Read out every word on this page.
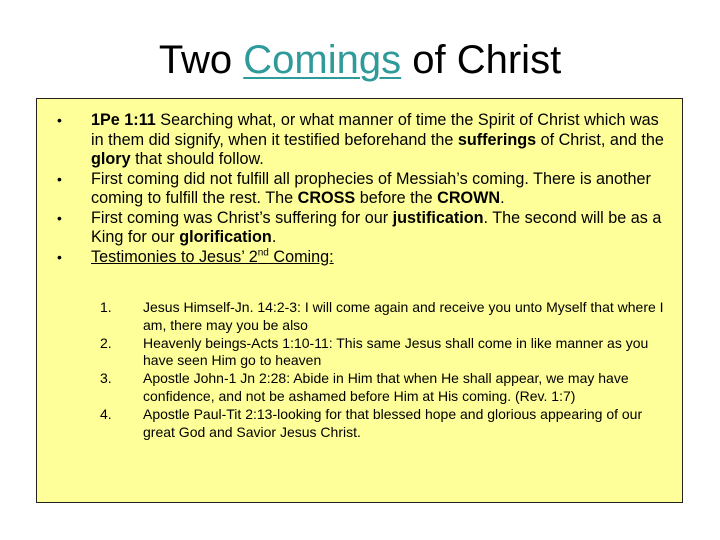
Two Comings of Christ
• 1Pe 1:11 Searching what, or what manner of time the Spirit of Christ which was in them did signify, when it testified beforehand the sufferings of Christ, and the glory that should follow.
• First coming did not fulfill all prophecies of Messiah’s coming. There is another coming to fulfill the rest. The CROSS before the CROWN.
• First coming was Christ’s suffering for our justification. The second will be as a King for our glorification.
• Testimonies to Jesus’ 2nd Coming:
1. Jesus Himself-Jn. 14:2-3: I will come again and receive you unto Myself that where I am, there may you be also
2. Heavenly beings-Acts 1:10-11: This same Jesus shall come in like manner as you have seen Him go to heaven
3. Apostle John-1 Jn 2:28: Abide in Him that when He shall appear, we may have confidence, and not be ashamed before Him at His coming. (Rev. 1:7)
4. Apostle Paul-Tit 2:13-looking for that blessed hope and glorious appearing of our great God and Savior Jesus Christ.
